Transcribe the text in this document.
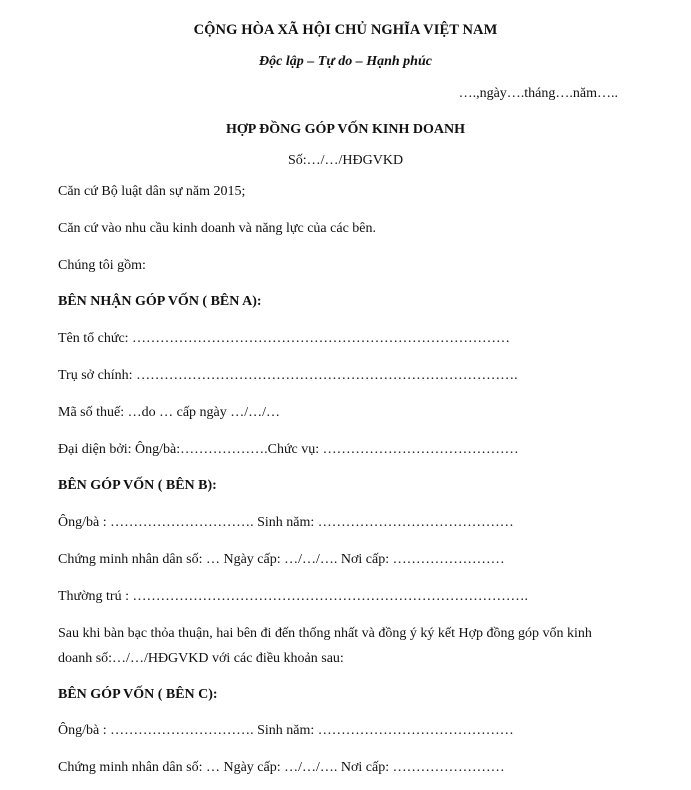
CỘNG HÒA XÃ HỘI CHỦ NGHĨA VIỆT NAM
Độc lập – Tự do – Hạnh phúc
….,ngày….tháng….năm…..
HỢP ĐỒNG GÓP VỐN KINH DOANH
Số:…/…/HĐGVKD
Căn cứ Bộ luật dân sự năm 2015;
Căn cứ vào nhu cầu kinh doanh và năng lực của các bên.
Chúng tôi gồm:
BÊN NHẬN GÓP VỐN ( BÊN A):
Tên tổ chức: ………………………………………………………………………
Trụ sở chính: ……………………………………………………………………….
Mã số thuế: …do … cấp ngày …/…/…
Đại diện bởi: Ông/bà:……………….Chức vụ: ……………………………………
BÊN GÓP VỐN ( BÊN B):
Ông/bà : …………………………. Sinh năm: ……………………………………
Chứng minh nhân dân số: … Ngày cấp: …/…/…. Nơi cấp: ……………………
Thường trú : ………………………………………………………………………….
Sau khi bàn bạc thỏa thuận, hai bên đi đến thống nhất và đồng ý ký kết Hợp đồng góp vốn kinh
doanh số:…/…/HĐGVKD với các điều khoản sau:
BÊN GÓP VỐN ( BÊN C):
Ông/bà : …………………………. Sinh năm: ……………………………………
Chứng minh nhân dân số: … Ngày cấp: …/…/…. Nơi cấp: ……………………
